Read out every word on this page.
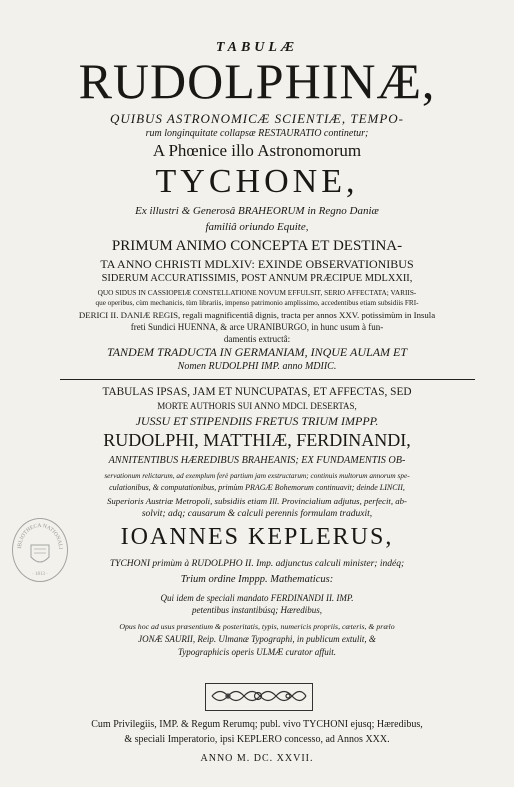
TABULÆ
RUDOLPHINÆ,
QUIBUS ASTRONOMICÆ SCIENTIÆ, TEMPO-
rum longinquitate collapsæ RESTAURATIO continetur;
A Phœnice illo Astronomorum
TYCHONE,
Ex illustri & Generosâ BRAHEORUM in Regno Daniæ
familiâ oriundo Equite,
PRIMUM ANIMO CONCEPTA ET DESTINA-
TA ANNO CHRISTI MDLXIV: EXINDE OBSERVATIONIBUS
SIDERUM ACCURATISSIMIS, POST ANNUM PRÆCIPUE MDLXXII,
QUO SIDUS IN CASSIOPEIÆ CONSTELLATIONE NOVUM EFFULSIT, SERIO AFFECTATA; VARIIS-
que operibus, cùm mechanicis, tùm librariis, impenso patrimonio amplissimo, accedentibus etiam subsidiis FRI-
DERICI II. DANIÆ REGIS, regali magnificentiâ dignis, tracta per annos XXV. potissimùm in Insula
freti Sundici HUENNA, & arce URANIBURGO, in hunc usum à fun-
damentis extructâ:
TANDEM TRADUCTA IN GERMANIAM, INQUE AULAM ET
Nomen RUDOLPHI IMP. anno MDIIC.
TABULAS IPSAS, JAM ET NUNCUPATAS, ET AFFECTAS, SED
MORTE AUTHORIS SUI ANNO MDCI. DESERTAS,
JUSSU ET STIPENDIIS FRETUS TRIUM IMPPP.
RUDOLPHI, MATTHIÆ, FERDINANDI,
ANNITENTIBUS HÆREDIBUS BRAHEANIS; EX FUNDAMENTIS OB-
servationum relictarum, ad exemplum ferè partium jam exstructarum; continuis multorum annorum spe-
culationibus, & computationibus, primùm PRAGÆ Bohemorum continuavit; deinde LINCII,
Superioris Austriæ Metropoli, subsidiis etiam Ill. Provincialium adjutus, perfecit, ab-
solvit; adq; causarum & calculi perennis formulam traduxit,
IOANNES KEPLERUS,
TYCHONI primùm à RUDOLPHO II. Imp. adjunctus calculi minister; indéq;
Trium ordine Imppp. Mathematicus:
Qui idem de speciali mandato FERDINANDI II. IMP.
petentibus instantibúsq; Hæredibus,
Opus hoc ad usus præsentium & posteritatis, typis, numericis propriis, cæteris, & prælo
JONÆ SAURII, Reip. Ulmanæ Typographi, in publicum extulit, &
Typographicis operis ULMÆ curator affuit.
Cum Privilegiis, IMP. & Regum Rerumq; publ. vivo TYCHONI ejusq; Hæredibus,
& speciali Imperatorio, ipsi KEPLERO concesso, ad Annos XXX.
ANNO M. DC. XXVII.
IBLIOTHECA NATIONALI
· 1813 ·
